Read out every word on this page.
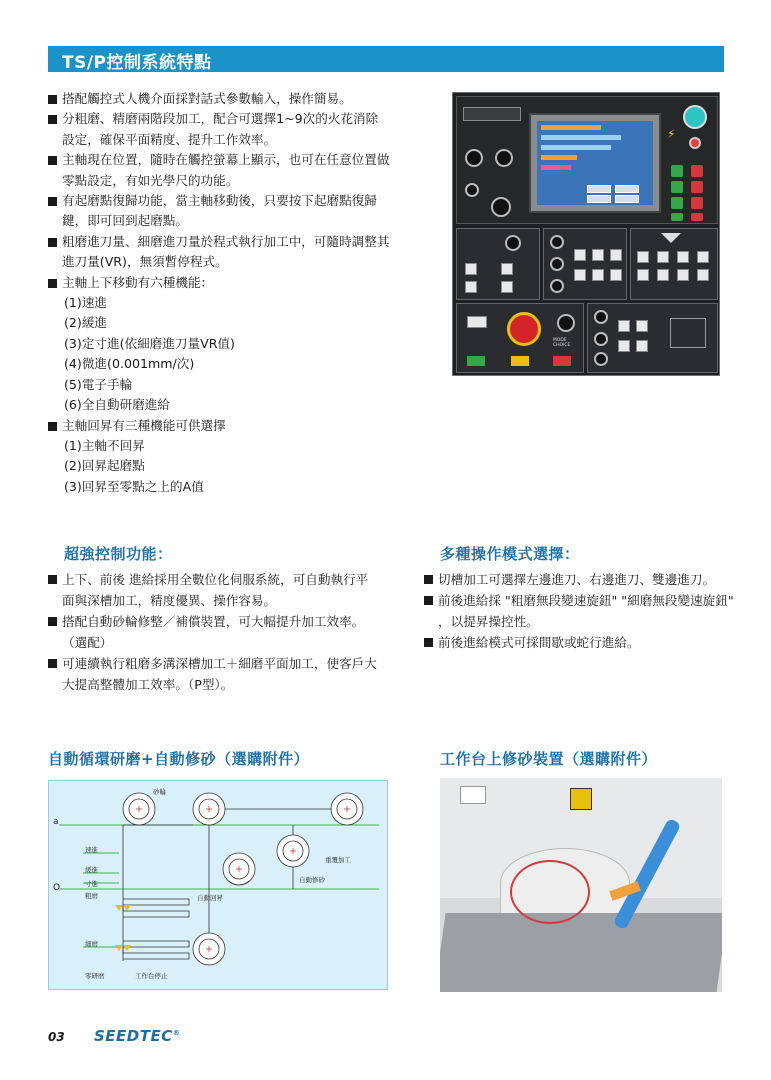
TS/P控制系統特點
搭配觸控式人機介面採對話式參數輸入，操作簡易。
分粗磨、精磨兩階段加工，配合可選擇1~9次的火花消除設定，確保平面精度、提升工作效率。
主軸現在位置，隨時在觸控螢幕上顯示，也可在任意位置做零點設定，有如光學尺的功能。
有起磨點復歸功能，當主軸移動後，只要按下起磨點復歸鍵，即可回到起磨點。
粗磨進刀量、細磨進刀量於程式執行加工中，可隨時調整其進刀量(VR)，無須暫停程式。
主軸上下移動有六種機能：
(1)速進
(2)緩進
(3)定寸進(依細磨進刀量VR值)
(4)微進(0.001mm/次)
(5)電子手輪
(6)全自動研磨進給
主軸回昇有三種機能可供選擇
(1)主軸不回昇
(2)回昇起磨點
(3)回昇至零點之上的A值
⚡
MODE CHOICE
超強控制功能：	多種操作模式選擇：
上下、前後 進給採用全數位化伺服系統，可自動執行平面與深槽加工，精度優異、操作容易。
搭配自動砂輪修整／補償裝置，可大幅提升加工效率。（選配）
可連續執行粗磨多溝深槽加工＋細磨平面加工，使客戶大大提高整體加工效率。（P型）。
切槽加工可選擇左邊進刀、右邊進刀、雙邊進刀。
前後進給採 "粗磨無段變速旋鈕" "細磨無段變速旋鈕" ，以提昇操控性。
前後進給模式可採間歇或蛇行進給。
自動循環研磨+自動修砂（選購附件）	工作台上修砂裝置（選購附件）
砂輪
a
O
速進
緩進
寸進
粗磨
細磨
自動回昇
重覆加工
自動修砂
零研磨	工作台停止
03 SEEDTEC®
